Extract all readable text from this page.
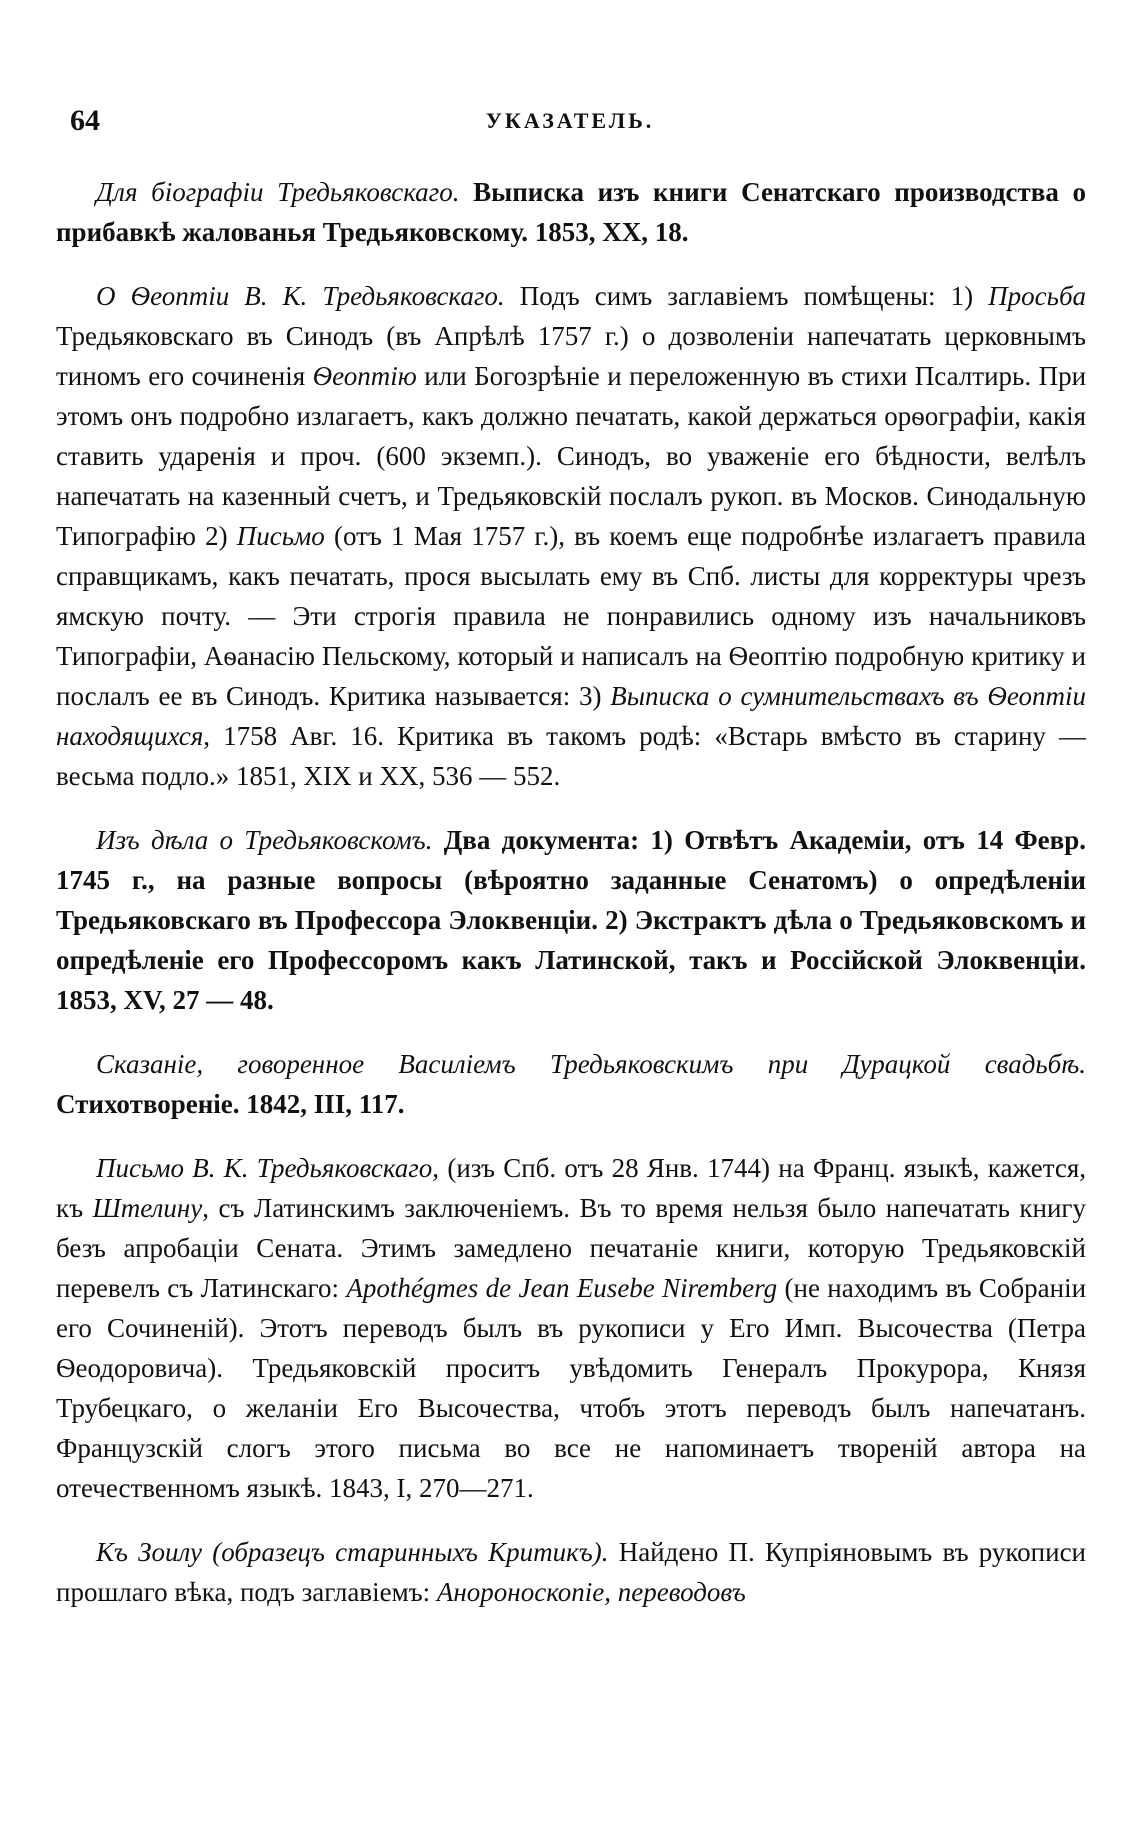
64	УКАЗАТЕЛЬ.

Для біографіи Тредьяковскаго. Выписка изъ книги Сенатскаго производства о прибавкѣ жалованья Тредьяковскому. 1853, XX, 18.

О Ѳеоптіи В. К. Тредьяковскаго. Подъ симъ заглавіемъ помѣщены: 1) Просьба Тредьяковскаго въ Синодъ (въ Апрѣлѣ 1757 г.) о дозволеніи напечатать церковнымъ тиномъ его сочиненія Ѳеоптію или Богозрѣніе и переложенную въ стихи Псалтирь. При этомъ онъ подробно излагаетъ, какъ должно печатать, какой держаться орѳографіи, какія ставить ударенія и проч. (600 экземп.). Синодъ, во уваженіе его бѣдности, велѣлъ напечатать на казенный счетъ, и Тредьяковскій послалъ рукоп. въ Москов. Синодальную Типографію 2) Письмо (отъ 1 Мая 1757 г.), въ коемъ еще подробнѣе излагаетъ правила справщикамъ, какъ печатать, прося высылать ему въ Спб. листы для корректуры чрезъ ямскую почту. — Эти строгія правила не понравились одному изъ начальниковъ Типографіи, Аѳанасію Пельскому, который и написалъ на Ѳеоптію подробную критику и послалъ ее въ Синодъ. Критика называется: 3) Выписка о сумнительствахъ въ Ѳеоптіи находящихся, 1758 Авг. 16. Критика въ такомъ родѣ: «Встарь вмѣсто въ старину — весьма подло.» 1851, XIX и XX, 536 — 552.

Изъ дѣла о Тредьяковскомъ. Два документа: 1) Отвѣтъ Академіи, отъ 14 Февр. 1745 г., на разные вопросы (вѣроятно заданные Сенатомъ) о опредѣленіи Тредьяковскаго въ Профессора Элоквенціи. 2) Экстрактъ дѣла о Тредьяковскомъ и опредѣленіе его Профессоромъ какъ Латинской, такъ и Россійской Элоквенціи. 1853, XV, 27 — 48.

Сказаніе, говоренное Василіемъ Тредьяковскимъ при Дурацкой свадьбѣ. Стихотвореніе. 1842, III, 117.

Письмо В. К. Тредьяковскаго, (изъ Спб. отъ 28 Янв. 1744) на Франц. языкѣ, кажется, къ Штелину, съ Латинскимъ заключеніемъ. Въ то время нельзя было напечатать книгу безъ апробаціи Сената. Этимъ замедлено печатаніе книги, которую Тредьяковскій перевелъ съ Латинскаго: Apothégmes de Jean Eusebe Niremberg (не находимъ въ Собраніи его Сочиненій). Этотъ переводъ былъ въ рукописи у Его Имп. Высочества (Петра Ѳеодоровича). Тредьяковскій проситъ увѣдомить Генералъ Прокурора, Князя Трубецкаго, о желаніи Его Высочества, чтобъ этотъ переводъ былъ напечатанъ. Французскій слогъ этого письма во все не напоминаетъ твореній автора на отечественномъ языкѣ. 1843, I, 270—271.

Къ Зоилу (образецъ старинныхъ Критикъ). Найдено П. Купріяновымъ въ рукописи прошлаго вѣка, подъ заглавіемъ: Анороноскопіе, переводовъ
